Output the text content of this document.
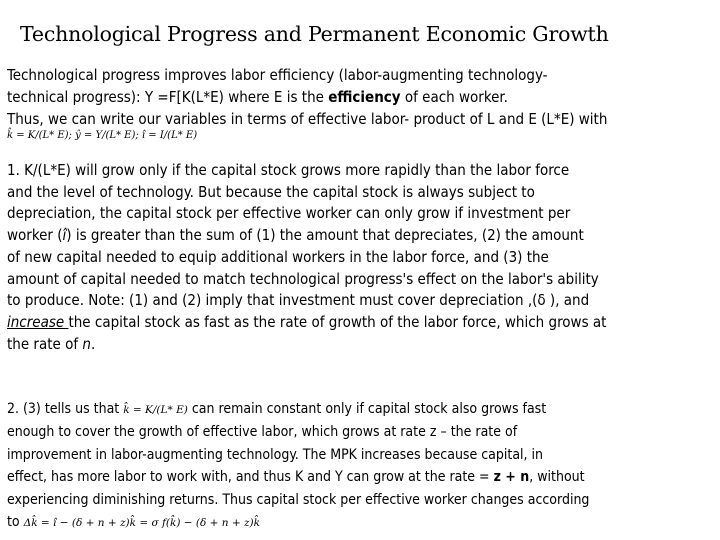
Technological Progress and Permanent Economic Growth
Technological progress improves labor efficiency (labor-augmenting technology-
technical progress): Y =F[K(L*E) where E is the efficiency of each worker.
Thus, we can write our variables in terms of effective labor- product of L and E (L*E) with
k̂ = K/(L* E); ŷ = Y/(L* E); î = I/(L* E)
1. K/(L*E) will grow only if the capital stock grows more rapidly than the labor force
and the level of technology. But because the capital stock is always subject to
depreciation, the capital stock per effective worker can only grow if investment per
worker (î) is greater than the sum of (1) the amount that depreciates, (2) the amount
of new capital needed to equip additional workers in the labor force, and (3) the
amount of capital needed to match technological progress's effect on the labor's ability
to produce. Note: (1) and (2) imply that investment must cover depreciation ,(δ ), and
increase the capital stock as fast as the rate of growth of the labor force, which grows at
the rate of n.
2. (3) tells us that k̂ = K/(L* E) can remain constant only if capital stock also grows fast
enough to cover the growth of effective labor, which grows at rate z – the rate of
improvement in labor-augmenting technology. The MPK increases because capital, in
effect, has more labor to work with, and thus K and Y can grow at the rate = z + n, without
experiencing diminishing returns. Thus capital stock per effective worker changes according
to Δk̂ = î − (δ + n + z)k̂ = σ f(k̂) − (δ + n + z)k̂
